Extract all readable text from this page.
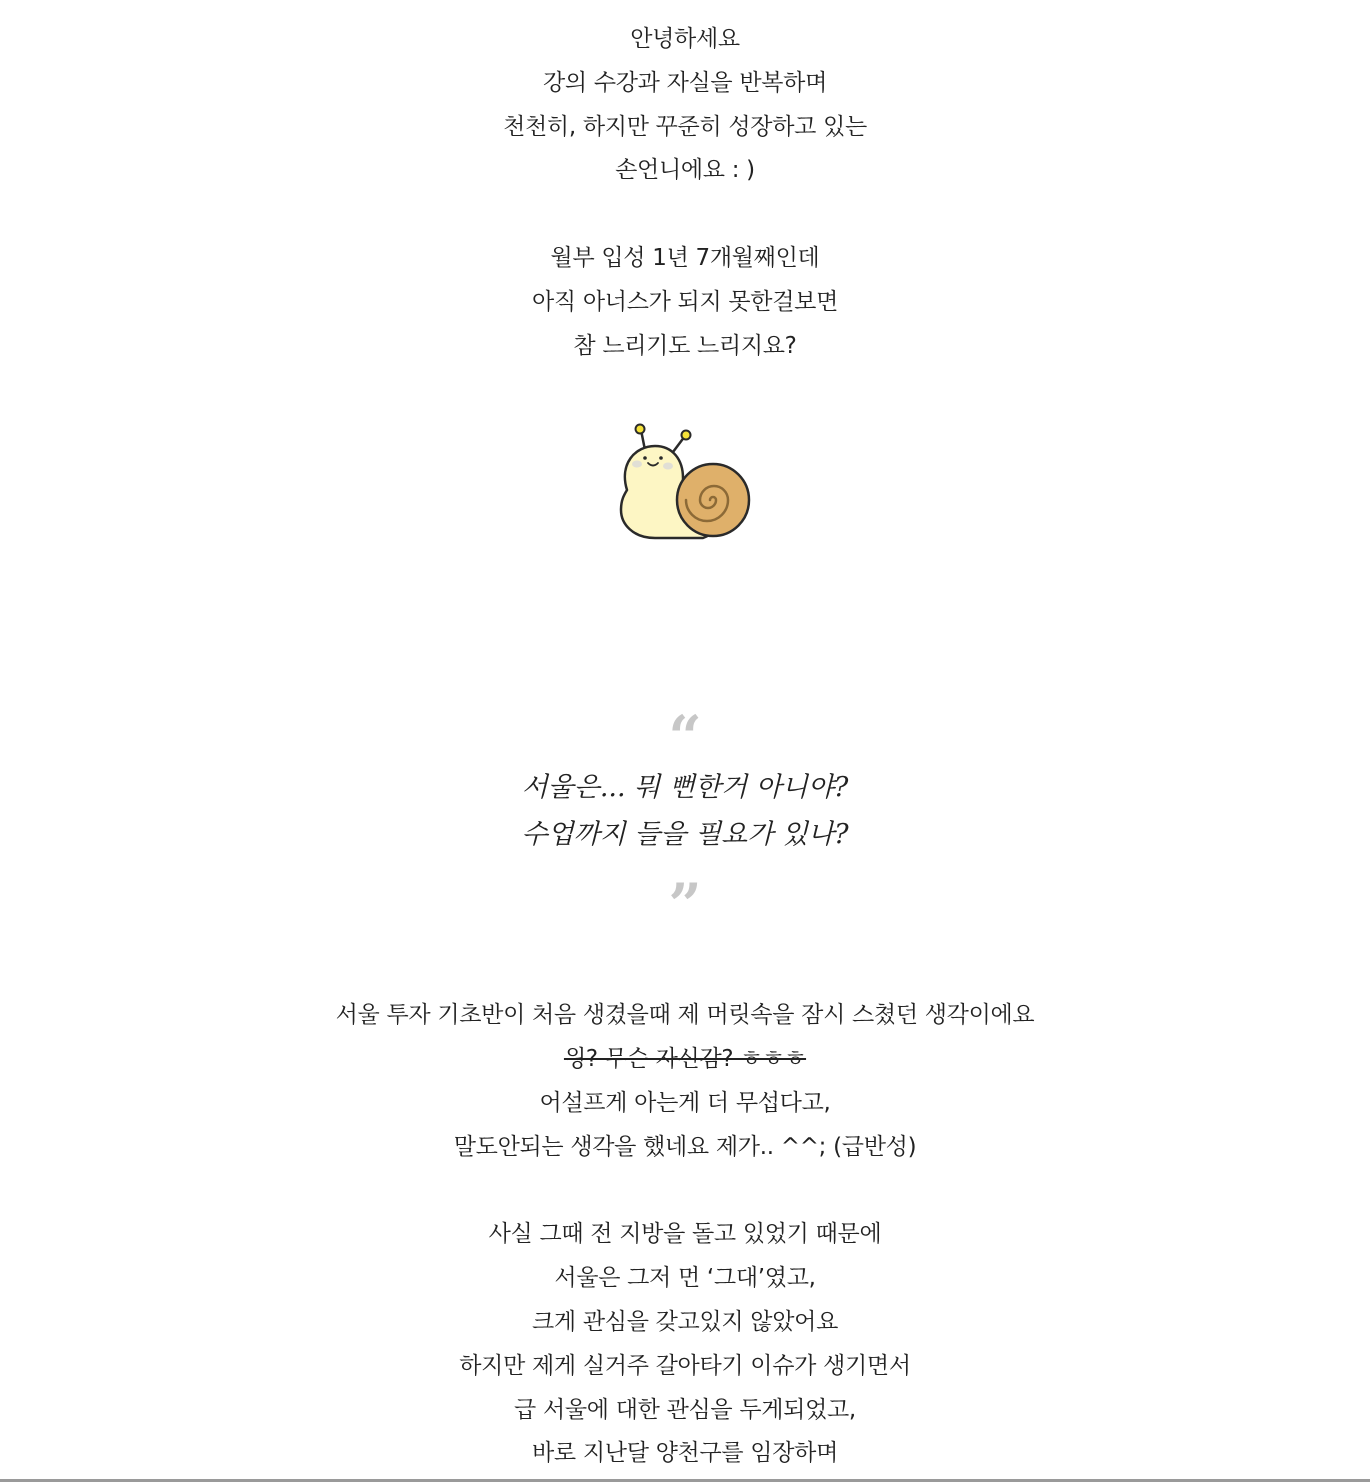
안녕하세요
강의 수강과 자실을 반복하며
천천히, 하지만 꾸준히 성장하고 있는
손언니에요 : )
월부 입성 1년 7개월째인데
아직 아너스가 되지 못한걸보면
참 느리기도 느리지요?
“
서울은... 뭐 뻔한거 아니야?
수업까지 들을 필요가 있나?
”
서울 투자 기초반이 처음 생겼을때 제 머릿속을 잠시 스쳤던 생각이에요
읭? 무슨 자신감? ㅎㅎㅎ
어설프게 아는게 더 무섭다고,
말도안되는 생각을 했네요 제가.. ^^; (급반성)
사실 그때 전 지방을 돌고 있었기 때문에
서울은 그저 먼 ‘그대’였고,
크게 관심을 갖고있지 않았어요
하지만 제게 실거주 갈아타기 이슈가 생기면서
급 서울에 대한 관심을 두게되었고,
바로 지난달 양천구를 임장하며
